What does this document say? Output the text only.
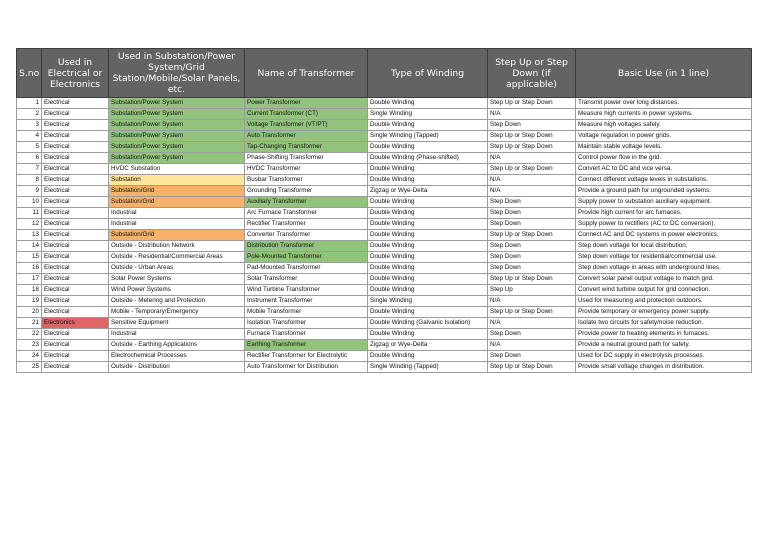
S.no	Used in Electrical or Electronics	Used in Substation/Power System/Grid Station/Mobile/Solar Panels, etc.	Name of Transformer	Type of Winding	Step Up or Step Down (if applicable)	Basic Use (in 1 line)
1	Electrical	Substation/Power System	Power Transformer	Double Winding	Step Up or Step Down	Transmit power over long distances.
2	Electrical	Substation/Power System	Current Transformer (CT)	Single Winding	N/A	Measure high currents in power systems.
3	Electrical	Substation/Power System	Voltage Transformer (VT/PT)	Double Winding	Step Down	Measure high voltages safely.
4	Electrical	Substation/Power System	Auto Transformer	Single Winding (Tapped)	Step Up or Step Down	Voltage regulation in power grids.
5	Electrical	Substation/Power System	Tap-Changing Transformer	Double Winding	Step Up or Step Down	Maintain stable voltage levels.
6	Electrical	Substation/Power System	Phase-Shifting Transformer	Double Winding (Phase-shifted)	N/A	Control power flow in the grid.
7	Electrical	HVDC Substation	HVDC Transformer	Double Winding	Step Up or Step Down	Convert AC to DC and vice versa.
8	Electrical	Substation	Busbar Transformer	Double Winding	N/A	Connect different voltage levels in substations.
9	Electrical	Substation/Grid	Grounding Transformer	Zigzag or Wye-Delta	N/A	Provide a ground path for ungrounded systems.
10	Electrical	Substation/Grid	Auxiliary Transformer	Double Winding	Step Down	Supply power to substation auxiliary equipment.
11	Electrical	Industrial	Arc Furnace Transformer	Double Winding	Step Down	Provide high current for arc furnaces.
12	Electrical	Industrial	Rectifier Transformer	Double Winding	Step Down	Supply power to rectifiers (AC to DC conversion).
13	Electrical	Substation/Grid	Converter Transformer	Double Winding	Step Up or Step Down	Connect AC and DC systems in power electronics.
14	Electrical	Outside - Distribution Network	Distribution Transformer	Double Winding	Step Down	Step down voltage for local distribution.
15	Electrical	Outside - Residential/Commercial Areas	Pole-Mounted Transformer	Double Winding	Step Down	Step down voltage for residential/commercial use.
16	Electrical	Outside - Urban Areas	Pad-Mounted Transformer	Double Winding	Step Down	Step down voltage in areas with underground lines.
17	Electrical	Solar Power Systems	Solar Transformer	Double Winding	Step Up or Step Down	Convert solar panel output voltage to match grid.
18	Electrical	Wind Power Systems	Wind Turbine Transformer	Double Winding	Step Up	Convert wind turbine output for grid connection.
19	Electrical	Outside - Metering and Protection	Instrument Transformer	Single Winding	N/A	Used for measuring and protection outdoors.
20	Electrical	Mobile - Temporary/Emergency	Mobile Transformer	Double Winding	Step Up or Step Down	Provide temporary or emergency power supply.
21	Electronics	Sensitive Equipment	Isolation Transformer	Double Winding (Galvanic Isolation)	N/A	Isolate two circuits for safety/noise reduction.
22	Electrical	Industrial	Furnace Transformer	Double Winding	Step Down	Provide power to heating elements in furnaces.
23	Electrical	Outside - Earthing Applications	Earthing Transformer	Zigzag or Wye-Delta	N/A	Provide a neutral ground path for safety.
24	Electrical	Electrochemical Processes	Rectifier Transformer for Electrolytic	Double Winding	Step Down	Used for DC supply in electrolysis processes.
25	Electrical	Outside - Distribution	Auto Transformer for Distribution	Single Winding (Tapped)	Step Up or Step Down	Provide small voltage changes in distribution.
